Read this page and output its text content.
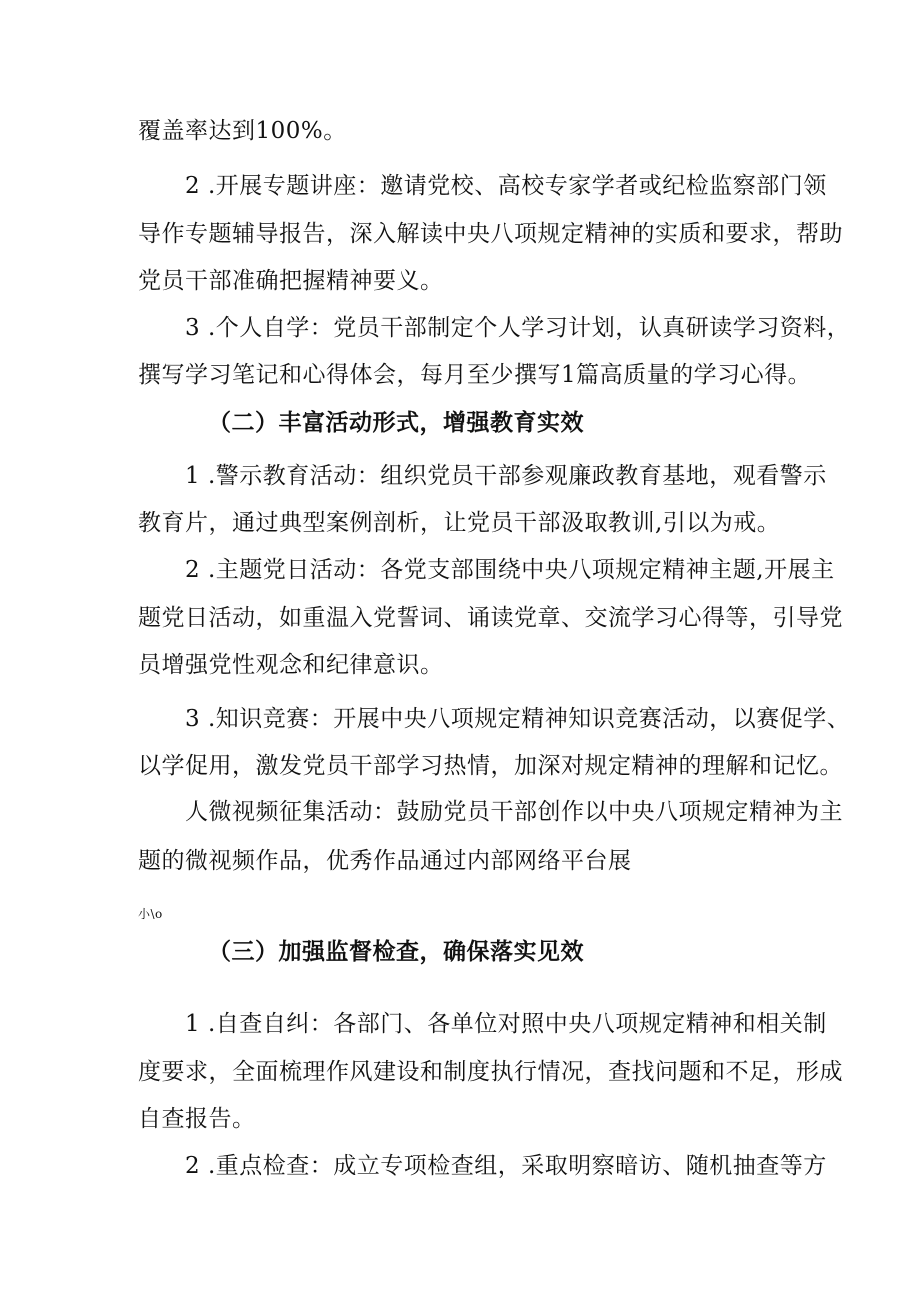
覆盖率达到100%。
2 .开展专题讲座：邀请党校、高校专家学者或纪检监察部门领
导作专题辅导报告，深入解读中央八项规定精神的实质和要求，帮助
党员干部准确把握精神要义。
3 .个人自学：党员干部制定个人学习计划，认真研读学习资料，
撰写学习笔记和心得体会，每月至少撰写1篇高质量的学习心得。
（二）丰富活动形式，增强教育实效
1 .警示教育活动：组织党员干部参观廉政教育基地，观看警示
教育片，通过典型案例剖析，让党员干部汲取教训,引以为戒。
2 .主题党日活动：各党支部围绕中央八项规定精神主题,开展主
题党日活动，如重温入党誓词、诵读党章、交流学习心得等，引导党
员增强党性观念和纪律意识。
3 .知识竞赛：开展中央八项规定精神知识竞赛活动，以赛促学、
以学促用，激发党员干部学习热情，加深对规定精神的理解和记忆。
人微视频征集活动：鼓励党员干部创作以中央八项规定精神为主
题的微视频作品，优秀作品通过内部网络平台展
小\o
（三）加强监督检查，确保落实见效
1 .自查自纠：各部门、各单位对照中央八项规定精神和相关制
度要求，全面梳理作风建设和制度执行情况，查找问题和不足，形成
自查报告。
2 .重点检查：成立专项检查组，采取明察暗访、随机抽查等方
